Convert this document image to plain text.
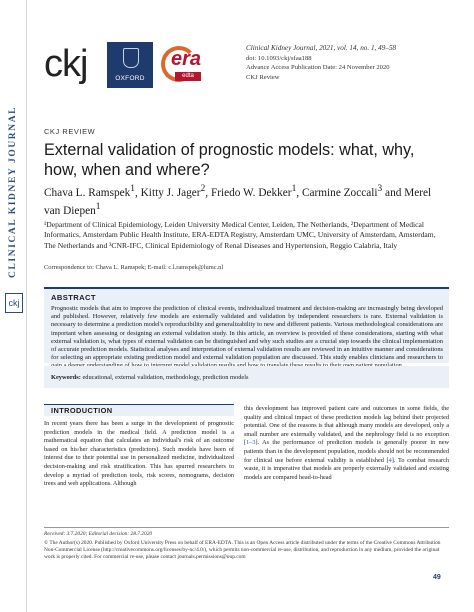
ckj
ckj	OXFORD
era
edta
Clinical Kidney Journal, 2021, vol. 14, no. 1, 49–58
doi: 10.1093/ckj/sfaa188
Advance Access Publication Date: 24 November 2020
CKJ Review
CKJ REVIEW
External validation of prognostic models: what, why, how, when and where?
Chava L. Ramspek$^1$, Kitty J. Jager$^2$, Friedo W. Dekker$^1$, Carmine Zoccali$^3$ and Merel van Diepen$^1$
¹Department of Clinical Epidemiology, Leiden University Medical Center, Leiden, The Netherlands, ²Department of Medical Informatics, Amsterdam Public Health Institute, ERA-EDTA Registry, Amsterdam UMC, University of Amsterdam, Amsterdam, The Netherlands and ³CNR-IFC, Clinical Epidemiology of Renal Diseases and Hypertension, Reggio Calabria, Italy
Correspondence to: Chava L. Ramspek; E-mail: c.l.ramspek@lumc.nl
ABSTRACT
Prognostic models that aim to improve the prediction of clinical events, individualized treatment and decision-making are increasingly being developed and published. However, relatively few models are externally validated and validation by independent researchers is rare. External validation is necessary to determine a prediction model's reproducibility and generalizability to new and different patients. Various methodological considerations are important when assessing or designing an external validation study. In this article, an overview is provided of these considerations, starting with what external validation is, what types of external validation can be distinguished and why such studies are a crucial step towards the clinical implementation of accurate prediction models. Statistical analyses and interpretation of external validation results are reviewed in an intuitive manner and considerations for selecting an appropriate existing prediction model and external validation population are discussed. This study enables clinicians and researchers to
Keywords: educational, external validation, methodology, prediction models
INTRODUCTION

In recent years there has been a surge in the development of prognostic prediction models in the medical field. A prediction model is a mathematical equation that calculates an individual's risk of an outcome based on his/her characteristics (predictors). Such models have been of interest due to their potential use in personalized medicine, individualized decision-making and risk stratification. This has spurred researchers to develop a myriad of prediction tools, risk scores, nomograms, decision trees and web applications. Although

this development has improved patient care and outcomes in some fields, the quality and clinical impact of these prediction models lag behind their projected potential. One of the reasons is that although many models are developed, only a small number are externally validated, and the nephrology field is no exception [1–3]. As the performance of prediction models is generally poorer in new patients than in the development population, models should not be recommended for clinical use before external validity is established [4]. To combat research waste, it is imperative that models are properly externally validated and existing models are compared head-to-head

Received: 3.7.2020; Editorial decision: 28.7.2020
© The Author(s) 2020. Published by Oxford University Press on behalf of ERA-EDTA. This is an Open Access article distributed under the terms of the Creative Commons Attribution Non-Commercial License (http://creativecommons.org/licenses/by-nc/4.0/), which permits non-commercial re-use, distribution, and reproduction in any medium, provided the original work is properly cited. For commercial re-use, please contact journals.permissions@oup.com
49
